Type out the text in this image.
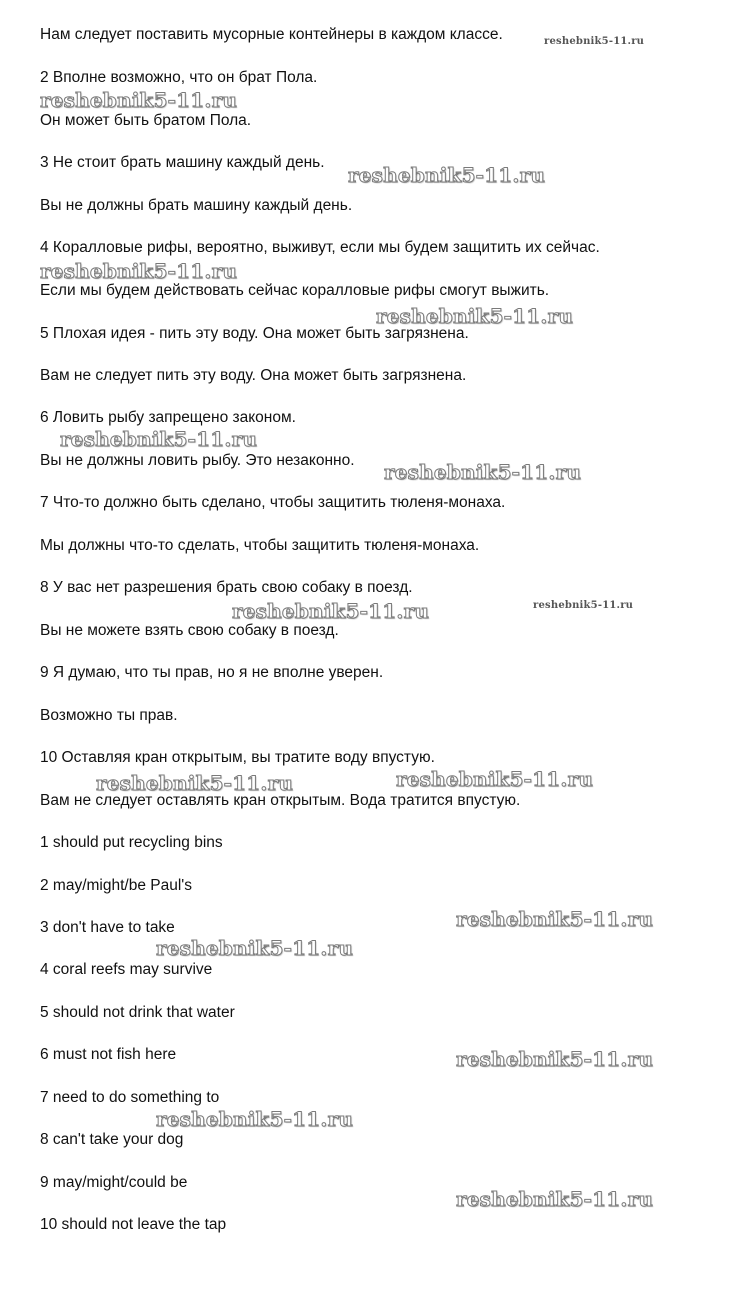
Нам следует поставить мусорные контейнеры в каждом классе.

2 Вполне возможно, что он брат Пола.

Он может быть братом Пола.

3 Не стоит брать машину каждый день.

Вы не должны брать машину каждый день.

4 Коралловые рифы, вероятно, выживут, если мы будем защитить их сейчас.

Если мы будем действовать сейчас коралловые рифы смогут выжить.

5 Плохая идея - пить эту воду. Она может быть загрязнена.

Вам не следует пить эту воду. Она может быть загрязнена.

6 Ловить рыбу запрещено законом.

Вы не должны ловить рыбу. Это незаконно.

7 Что-то должно быть сделано, чтобы защитить тюленя-монаха.

Мы должны что-то сделать, чтобы защитить тюленя-монаха.

8 У вас нет разрешения брать свою собаку в поезд.

Вы не можете взять свою собаку в поезд.

9 Я думаю, что ты прав, но я не вполне уверен.

Возможно ты прав.

10 Оставляя кран открытым, вы тратите воду впустую.

Вам не следует оставлять кран открытым. Вода тратится впустую.

1 should put recycling bins

2 may/might/be Paul's

3 don't have to take

4 coral reefs may survive

5 should not drink that water

6 must not fish here

7 need to do something to

8 can't take your dog

9 may/might/could be

10 should not leave the tap

reshebnik5-11.ru
reshebnik5-11.ru
reshebnik5-11.ru
reshebnik5-11.ru
reshebnik5-11.ru
reshebnik5-11.ru
reshebnik5-11.ru
reshebnik5-11.ru	reshebnik5-11.ru
reshebnik5-11.ru	reshebnik5-11.ru
reshebnik5-11.ru
reshebnik5-11.ru
reshebnik5-11.ru
reshebnik5-11.ru
reshebnik5-11.ru
